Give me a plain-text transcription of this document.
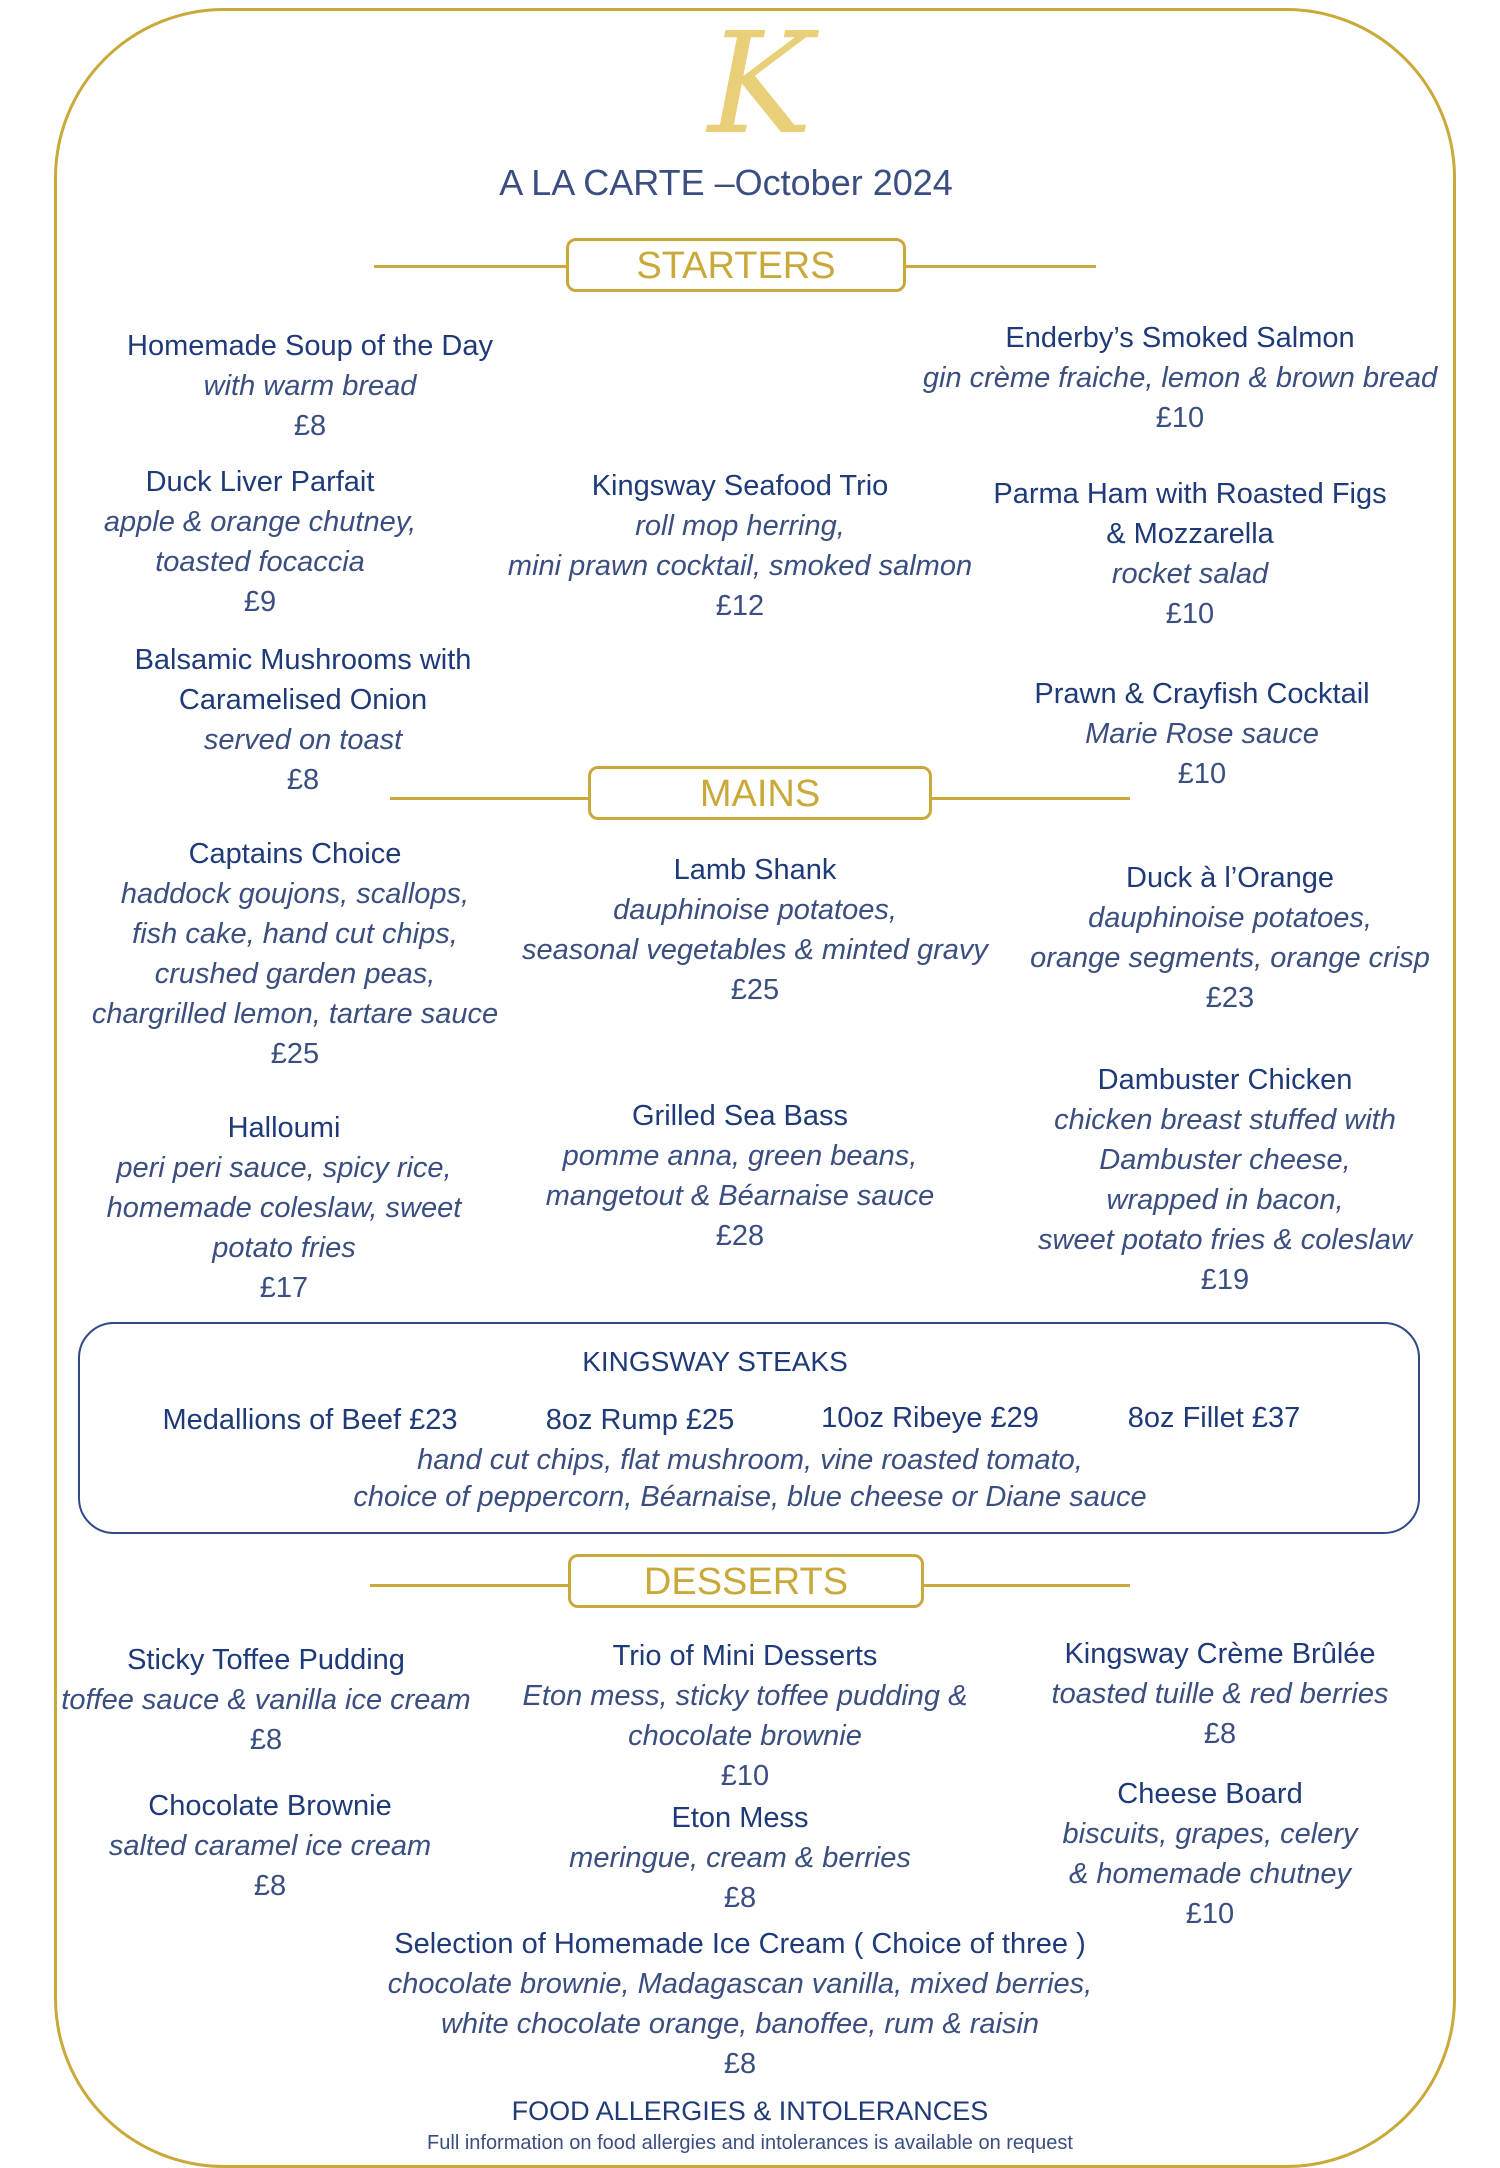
K
A LA CARTE –October 2024
STARTERS
Homemade Soup of the Day
with warm bread
£8
Enderby’s Smoked Salmon
gin crème fraiche, lemon & brown bread
£10
Duck Liver Parfait
apple & orange chutney,
toasted focaccia
£9
Kingsway Seafood Trio
roll mop herring,
mini prawn cocktail, smoked salmon
£12
Parma Ham with Roasted Figs
& Mozzarella
rocket salad
£10
Balsamic Mushrooms with
Caramelised Onion
served on toast
£8
Prawn & Crayfish Cocktail
Marie Rose sauce
£10
MAINS
Captains Choice
haddock goujons, scallops,
fish cake, hand cut chips,
crushed garden peas,
chargrilled lemon, tartare sauce
£25
Lamb Shank
dauphinoise potatoes,
seasonal vegetables & minted gravy
£25
Duck à l’Orange
dauphinoise potatoes,
orange segments, orange crisp
£23
Halloumi
peri peri sauce, spicy rice,
homemade coleslaw, sweet
potato fries
£17
Grilled Sea Bass
pomme anna, green beans,
mangetout & Béarnaise sauce
£28
Dambuster Chicken
chicken breast stuffed with
Dambuster cheese,
wrapped in bacon,
sweet potato fries & coleslaw
£19
KINGSWAY STEAKS
Medallions of Beef £23	8oz Rump £25	10oz Ribeye £29	8oz Fillet £37
hand cut chips, flat mushroom, vine roasted tomato,
choice of peppercorn, Béarnaise, blue cheese or Diane sauce
DESSERTS
Sticky Toffee Pudding
toffee sauce & vanilla ice cream
£8
Trio of Mini Desserts
Eton mess, sticky toffee pudding &
chocolate brownie
£10
Kingsway Crème Brûlée
toasted tuille & red berries
£8
Chocolate Brownie
salted caramel ice cream
£8
Eton Mess
meringue, cream & berries
£8
Cheese Board
biscuits, grapes, celery
& homemade chutney
£10
Selection of Homemade Ice Cream ( Choice of three )
chocolate brownie, Madagascan vanilla, mixed berries,
white chocolate orange, banoffee, rum & raisin
£8
FOOD ALLERGIES & INTOLERANCES
Full information on food allergies and intolerances is available on request
